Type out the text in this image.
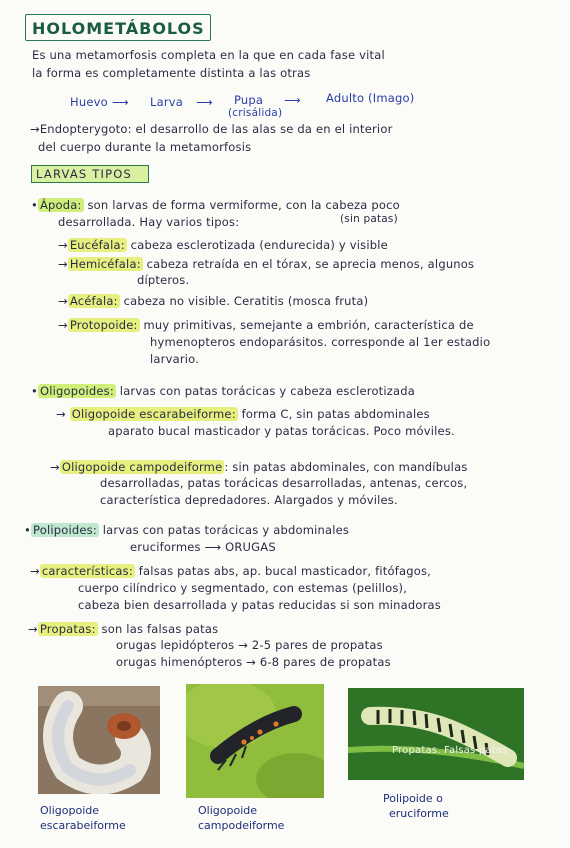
HOLOMETÁBOLOS
Es una metamorfosis completa en la que en cada fase vital
la forma es completamente distinta a las otras
Huevo ⟶ Larva ⟶ Pupa
(crisálida)
⟶ Adulto (Imago)
→Endopterygoto: el desarrollo de las alas se da en el interior
del cuerpo durante la metamorfosis
LARVAS TIPOS
• Ápoda: son larvas de forma vermiforme, con la cabeza poco
desarrollada. Hay varios tipos:	(sin patas)
→ Eucéfala: cabeza esclerotizada (endurecida) y visible
→ Hemicéfala: cabeza retraída en el tórax, se aprecia menos, algunos
dípteros.
→ Acéfala: cabeza no visible. Ceratitis (mosca fruta)
→ Protopoide: muy primitivas, semejante a embrión, característica de
hymenopteros endoparásitos. corresponde al 1er estadio
larvario.
• Oligopoides: larvas con patas torácicas y cabeza esclerotizada
→ Oligopoide escarabeiforme: forma C, sin patas abdominales
aparato bucal masticador y patas torácicas. Poco móviles.
→ Oligopoide campodeiforme : sin patas abdominales, con mandíbulas
desarrolladas, patas torácicas desarrolladas, antenas, cercos,
característica depredadores. Alargados y móviles.
• Polipoides: larvas con patas torácicas y abdominales
eruciformes ⟶ ORUGAS
→ características: falsas patas abs, ap. bucal masticador, fitófagos,
cuerpo cilíndrico y segmentado, con estemas (pelillos),
cabeza bien desarrollada y patas reducidas si son minadoras
→ Propatas: son las falsas patas
orugas lepidópteros → 2-5 pares de propatas
orugas himenópteros → 6-8 pares de propatas
Propatas. Falsas patas
Oligopoide
escarabeiforme
Oligopoide
campodeiforme
Polipoide o
eruciforme
